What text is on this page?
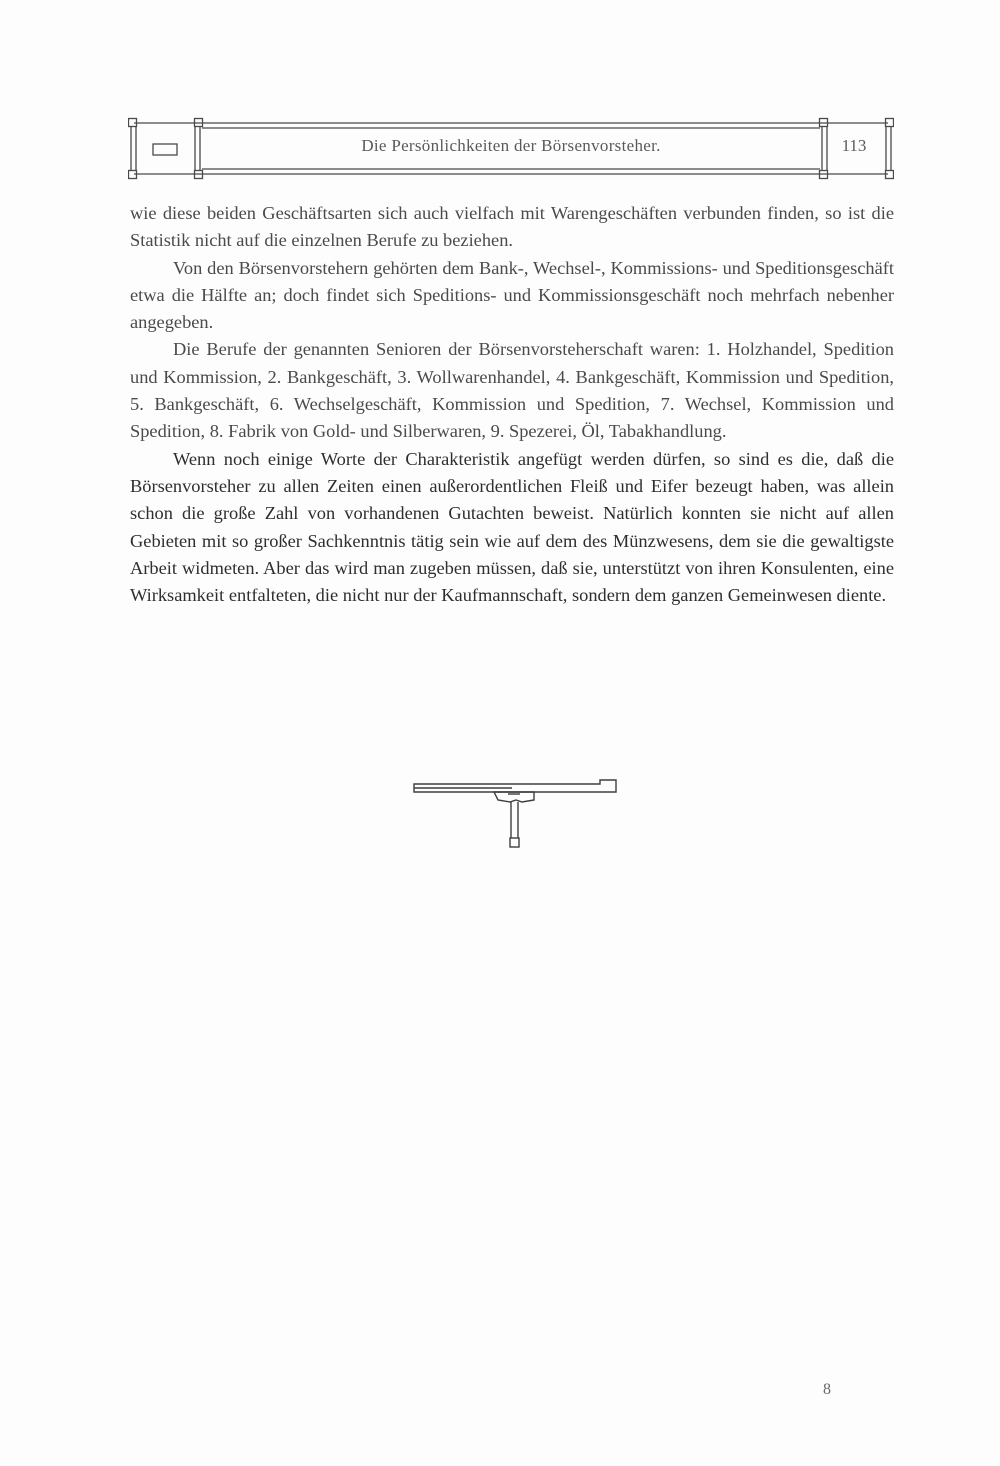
Die Persönlichkeiten der Börsenvorsteher.	113

wie diese beiden Geschäftsarten sich auch vielfach mit Warengeschäften verbunden finden, so ist die Statistik nicht auf die einzelnen Berufe zu beziehen.

Von den Börsenvorstehern gehörten dem Bank-, Wechsel-, Kommissions- und Speditionsgeschäft etwa die Hälfte an; doch findet sich Speditions- und Kommissionsgeschäft noch mehrfach nebenher angegeben.

Die Berufe der genannten Senioren der Börsenvorsteherschaft waren: 1. Holzhandel, Spedition und Kommission, 2. Bankgeschäft, 3. Wollwarenhandel, 4. Bankgeschäft, Kommission und Spedition, 5. Bankgeschäft, 6. Wechselgeschäft, Kommission und Spedition, 7. Wechsel, Kommission und Spedition, 8. Fabrik von Gold- und Silberwaren, 9. Spezerei, Öl, Tabakhandlung.

Wenn noch einige Worte der Charakteristik angefügt werden dürfen, so sind es die, daß die Börsenvorsteher zu allen Zeiten einen außerordentlichen Fleiß und Eifer bezeugt haben, was allein schon die große Zahl von vorhandenen Gutachten beweist. Natürlich konnten sie nicht auf allen Gebieten mit so großer Sachkenntnis tätig sein wie auf dem des Münzwesens, dem sie die gewaltigste Arbeit widmeten. Aber das wird man zugeben müssen, daß sie, unterstützt von ihren Konsulenten, eine Wirksamkeit entfalteten, die nicht nur der Kaufmannschaft, sondern dem ganzen Gemeinwesen diente.

8
